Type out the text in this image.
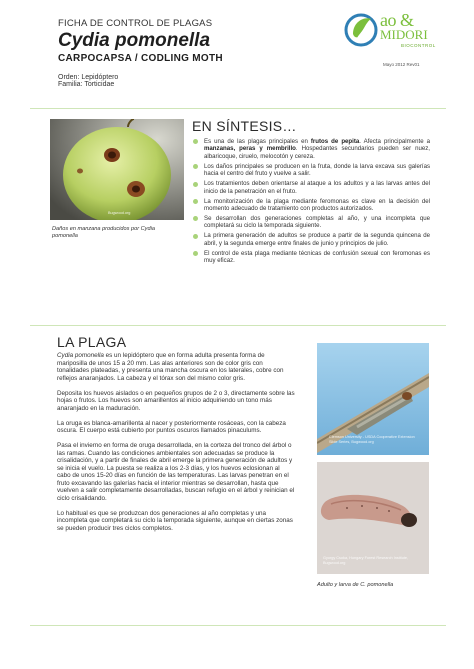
FICHA DE CONTROL DE PLAGAS
Cydia pomonella
CARPOCAPSA / CODLING MOTH
Orden: Lepidóptero
Familia: Torticidae
Mayo 2012 Rev01
ao &
MIDORI
BIOCONTROL
Bugwood.org
Daños en manzana producidos por Cydia pomonella
EN SÍNTESIS…
Es una de las plagas principales en frutos de pepita. Afecta principalmente a manzanas, peras y membrillo. Hospedantes secundarios pueden ser nuez, albaricoque, ciruelo, melocotón y cereza.
Los daños principales se producen en la fruta, donde la larva excava sus galerías hacia el centro del fruto y vuelve a salir.
Los tratamientos deben orientarse al ataque a los adultos y a las larvas antes del inicio de la penetración en el fruto.
La monitorización de la plaga mediante feromonas es clave en la decisión del momento adecuado de tratamiento con productos autorizados.
Se desarrollan dos generaciones completas al año, y una incompleta que completará su ciclo la temporada siguiente.
La primera generación de adultos se produce a partir de la segunda quincena de abril, y la segunda emerge entre finales de junio y principios de julio.
El control de esta plaga mediante técnicas de confusión sexual con feromonas es muy eficaz.
LA PLAGA

Cydia pomonella es un lepidóptero que en forma adulta presenta forma de mariposilla de unos 15 a 20 mm. Las alas anteriores son de color gris con tonalidades plateadas, y presenta una mancha oscura en los laterales, cobre con reflejos anaranjados. La cabeza y el tórax son del mismo color gris.

Deposita los huevos aislados o en pequeños grupos de 2 o 3, directamente sobre las hojas o frutos. Los huevos son amarillentos al inicio adquiriendo un tono más anaranjado en la maduración.

La oruga es blanca-amarillenta al nacer y posteriormente rosáceas, con la cabeza oscura. El cuerpo está cubierto por puntos oscuros llamados pinaculums.

Pasa el invierno en forma de oruga desarrollada, en la corteza del tronco del árbol o las ramas. Cuando las condiciones ambientales son adecuadas se produce la crisalidación, y a partir de finales de abril emerge la primera generación de adultos y se inicia el vuelo. La puesta se realiza a los 2-3 días, y los huevos eclosionan al cabo de unos 15-20 días en función de las temperaturas. Las larvas penetran en el fruto excavando las galerías hacia el interior mientras se desarrollan, hasta que vuelven a salir completamente desarrolladas, buscan refugio en el árbol y reinician el ciclo crisalidando.

Lo habitual es que se produzcan dos generaciones al año completas y una incompleta que completará su ciclo la temporada siguiente, aunque en ciertas zonas se pueden producir tres ciclos completos.

Clemson University - USDA Cooperative Extension Slide Series, Bugwood.org
Gyorgy Csoka, Hungary Forest Research Institute, Bugwood.org
Adulto y larva de C. pomonella
